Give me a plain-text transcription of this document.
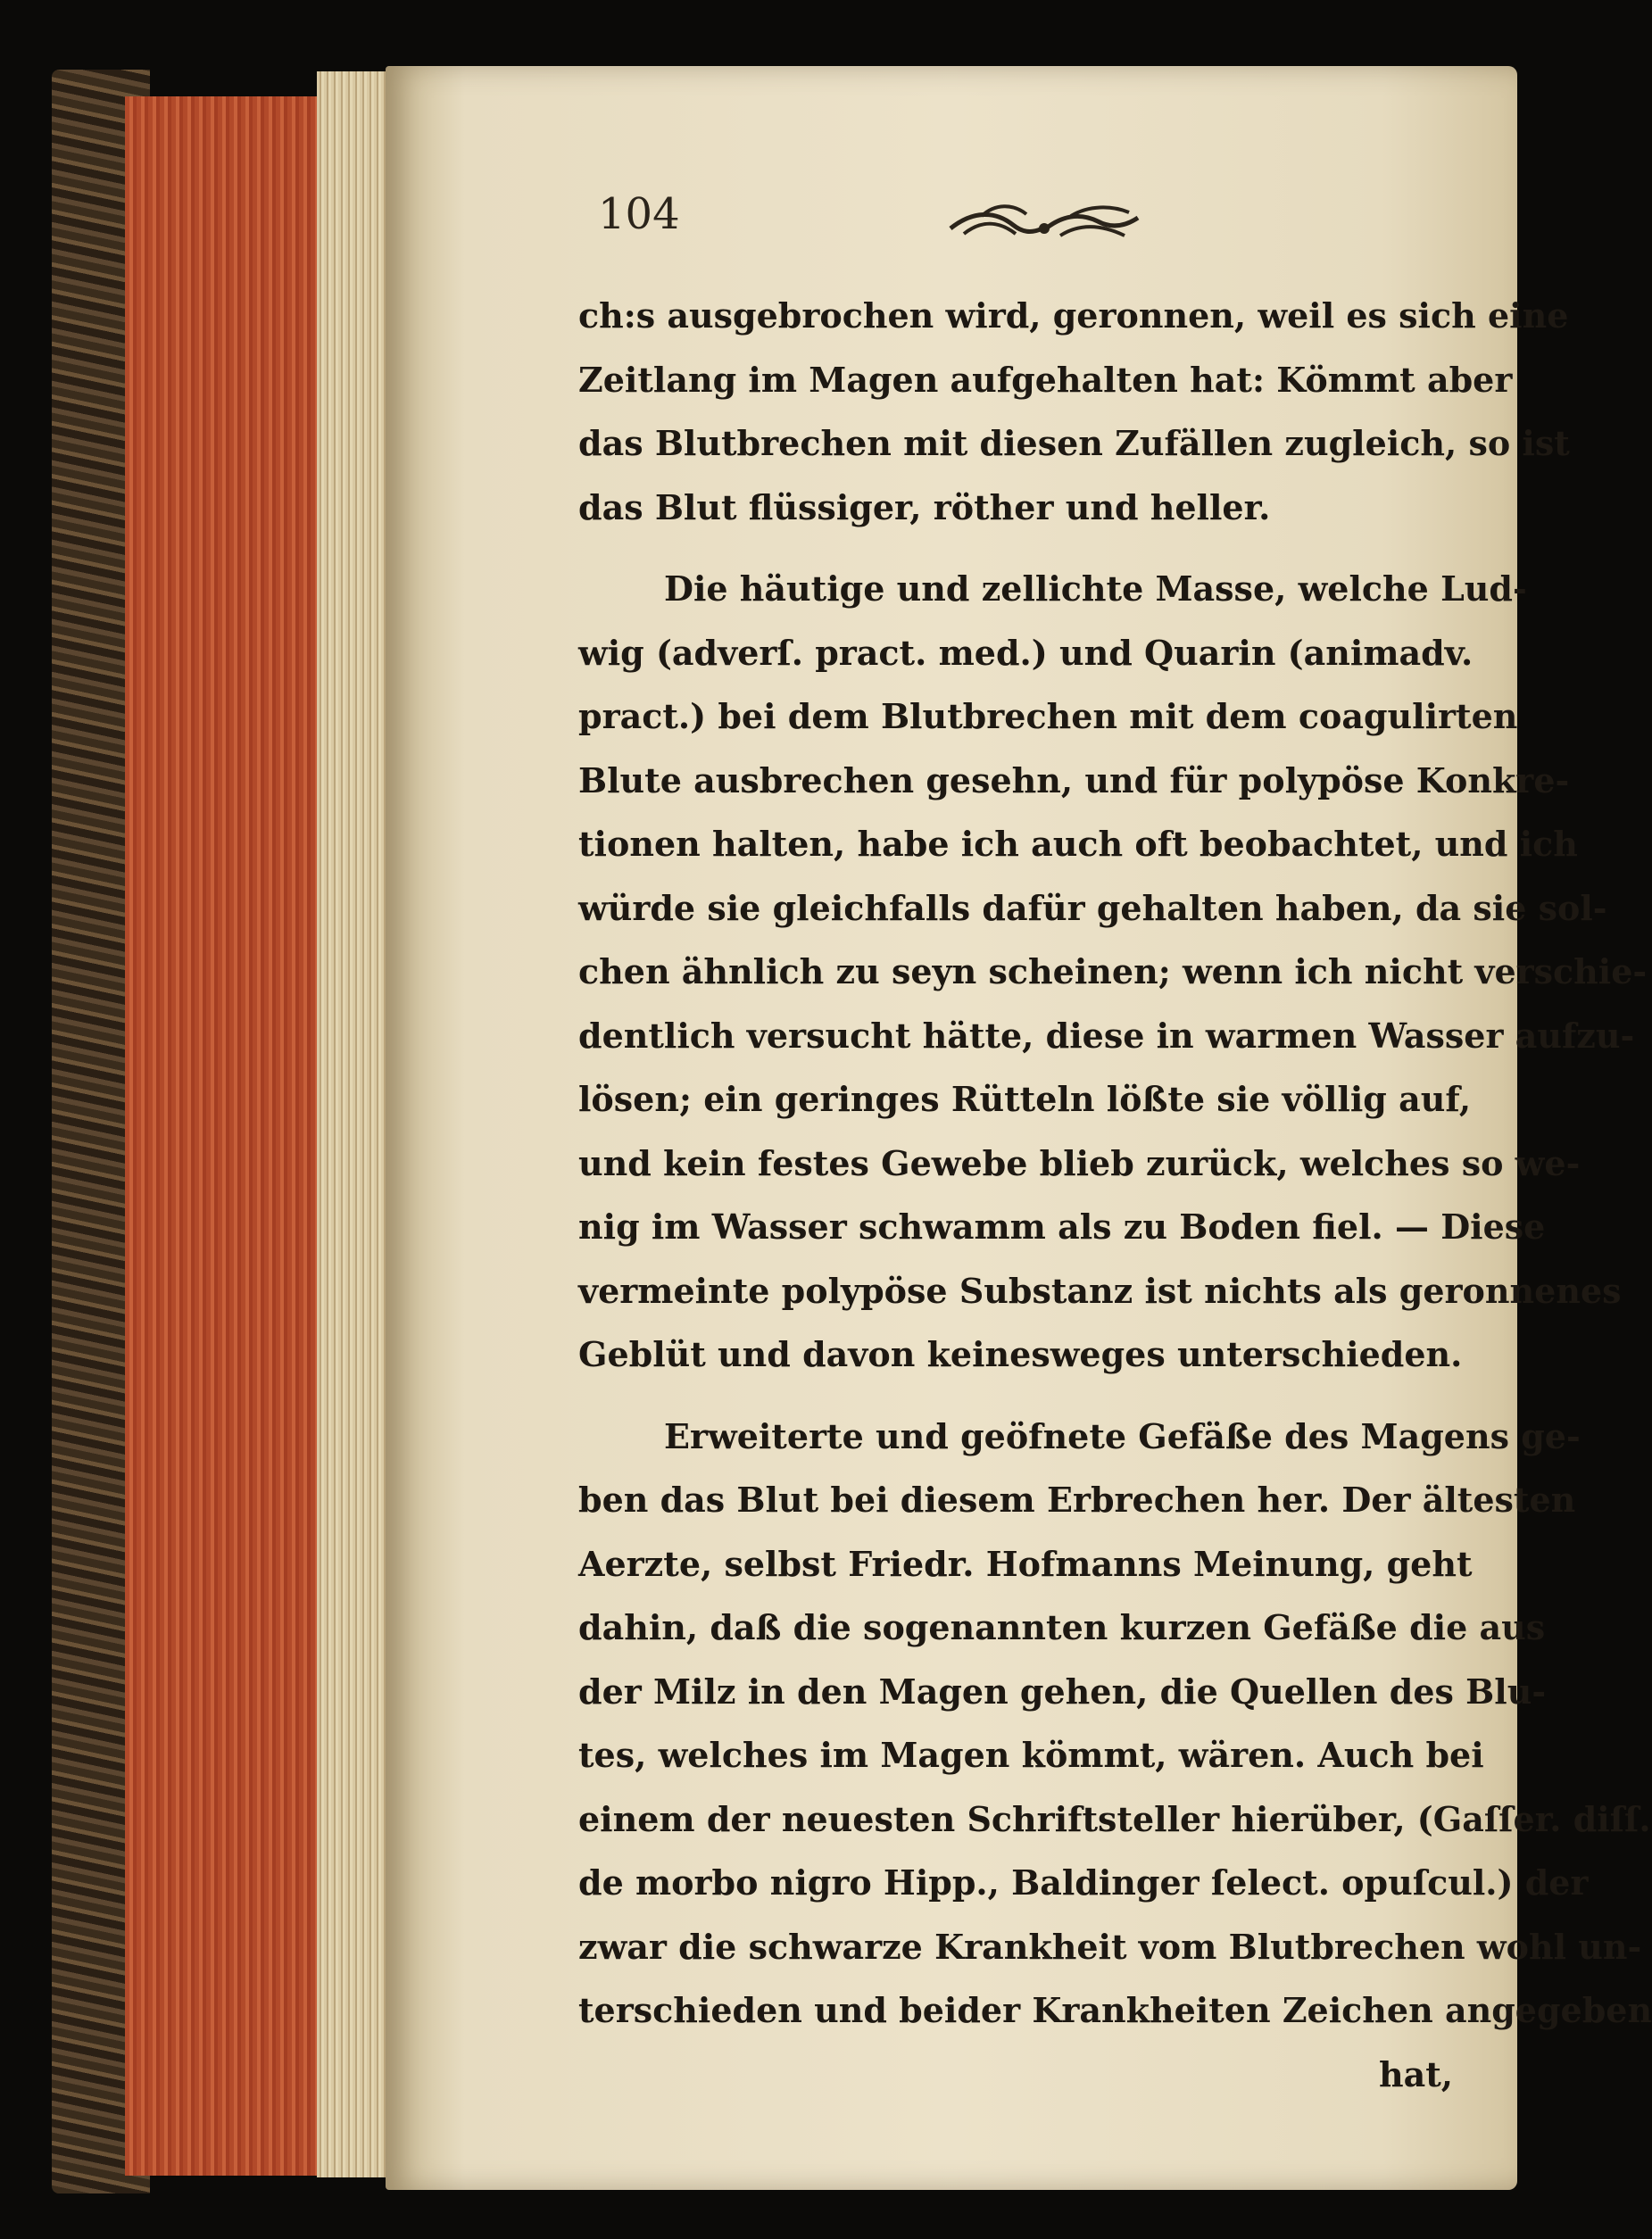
104
ch:s ausgebrochen wird, geronnen, weil es sich eine
Zeitlang im Magen aufgehalten hat: Kömmt aber
das Blutbrechen mit diesen Zufällen zugleich, so ist
das Blut flüssiger, röther und heller.
Die häutige und zellichte Masse, welche Lud-
wig (adverſ. pract. med.) und Quarin (animadv.
pract.) bei dem Blutbrechen mit dem coagulirten
Blute ausbrechen gesehn, und für polypöse Konkre-
tionen halten, habe ich auch oft beobachtet, und ich
würde sie gleichfalls dafür gehalten haben, da sie sol-
chen ähnlich zu seyn scheinen; wenn ich nicht verschie-
dentlich versucht hätte, diese in warmen Wasser aufzu-
lösen; ein geringes Rütteln lößte sie völlig auf,
und kein festes Gewebe blieb zurück, welches so we-
nig im Wasser schwamm als zu Boden fiel. — Diese
vermeinte polypöse Substanz ist nichts als geronnenes
Geblüt und davon keinesweges unterschieden.
Erweiterte und geöfnete Gefäße des Magens ge-
ben das Blut bei diesem Erbrechen her. Der ältesten
Aerzte, selbst Friedr. Hofmanns Meinung, geht
dahin, daß die sogenannten kurzen Gefäße die aus
der Milz in den Magen gehen, die Quellen des Blu-
tes, welches im Magen kömmt, wären. Auch bei
einem der neuesten Schriftsteller hierüber, (Gaſſer. diſſ.
de morbo nigro Hipp., Baldinger ſelect. opuſcul.) der
zwar die schwarze Krankheit vom Blutbrechen wohl un-
terschieden und beider Krankheiten Zeichen angegeben
hat,
